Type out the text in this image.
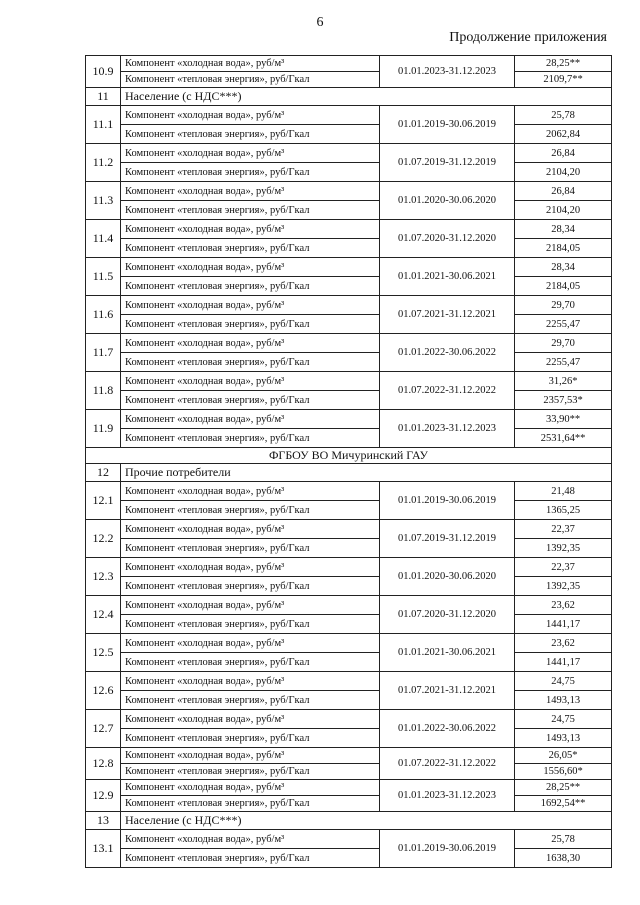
6
Продолжение приложения
10.9	Компонент «холодная вода», руб/м³	01.01.2023-31.12.2023	28,25**
	Компонент «тепловая энергия», руб/Гкал		2109,7**
11	Население (с НДС***)		
11.1	Компонент «холодная вода», руб/м³	01.01.2019-30.06.2019	25,78
	Компонент «тепловая энергия», руб/Гкал		2062,84
11.2	Компонент «холодная вода», руб/м³	01.07.2019-31.12.2019	26,84
	Компонент «тепловая энергия», руб/Гкал		2104,20
11.3	Компонент «холодная вода», руб/м³	01.01.2020-30.06.2020	26,84
	Компонент «тепловая энергия», руб/Гкал		2104,20
11.4	Компонент «холодная вода», руб/м³	01.07.2020-31.12.2020	28,34
	Компонент «тепловая энергия», руб/Гкал		2184,05
11.5	Компонент «холодная вода», руб/м³	01.01.2021-30.06.2021	28,34
	Компонент «тепловая энергия», руб/Гкал		2184,05
11.6	Компонент «холодная вода», руб/м³	01.07.2021-31.12.2021	29,70
	Компонент «тепловая энергия», руб/Гкал		2255,47
11.7	Компонент «холодная вода», руб/м³	01.01.2022-30.06.2022	29,70
	Компонент «тепловая энергия», руб/Гкал		2255,47
11.8	Компонент «холодная вода», руб/м³	01.07.2022-31.12.2022	31,26*
	Компонент «тепловая энергия», руб/Гкал		2357,53*
11.9	Компонент «холодная вода», руб/м³	01.01.2023-31.12.2023	33,90**
	Компонент «тепловая энергия», руб/Гкал		2531,64**
ФГБОУ ВО Мичуринский ГАУ			
12	Прочие потребители		
12.1	Компонент «холодная вода», руб/м³	01.01.2019-30.06.2019	21,48
	Компонент «тепловая энергия», руб/Гкал		1365,25
12.2	Компонент «холодная вода», руб/м³	01.07.2019-31.12.2019	22,37
	Компонент «тепловая энергия», руб/Гкал		1392,35
12.3	Компонент «холодная вода», руб/м³	01.01.2020-30.06.2020	22,37
	Компонент «тепловая энергия», руб/Гкал		1392,35
12.4	Компонент «холодная вода», руб/м³	01.07.2020-31.12.2020	23,62
	Компонент «тепловая энергия», руб/Гкал		1441,17
12.5	Компонент «холодная вода», руб/м³	01.01.2021-30.06.2021	23,62
	Компонент «тепловая энергия», руб/Гкал		1441,17
12.6	Компонент «холодная вода», руб/м³	01.07.2021-31.12.2021	24,75
	Компонент «тепловая энергия», руб/Гкал		1493,13
12.7	Компонент «холодная вода», руб/м³	01.01.2022-30.06.2022	24,75
	Компонент «тепловая энергия», руб/Гкал		1493,13
12.8	Компонент «холодная вода», руб/м³	01.07.2022-31.12.2022	26,05*
	Компонент «тепловая энергия», руб/Гкал		1556,60*
12.9	Компонент «холодная вода», руб/м³	01.01.2023-31.12.2023	28,25**
	Компонент «тепловая энергия», руб/Гкал		1692,54**
13	Население (с НДС***)		
13.1	Компонент «холодная вода», руб/м³	01.01.2019-30.06.2019	25,78
	Компонент «тепловая энергия», руб/Гкал		1638,30
